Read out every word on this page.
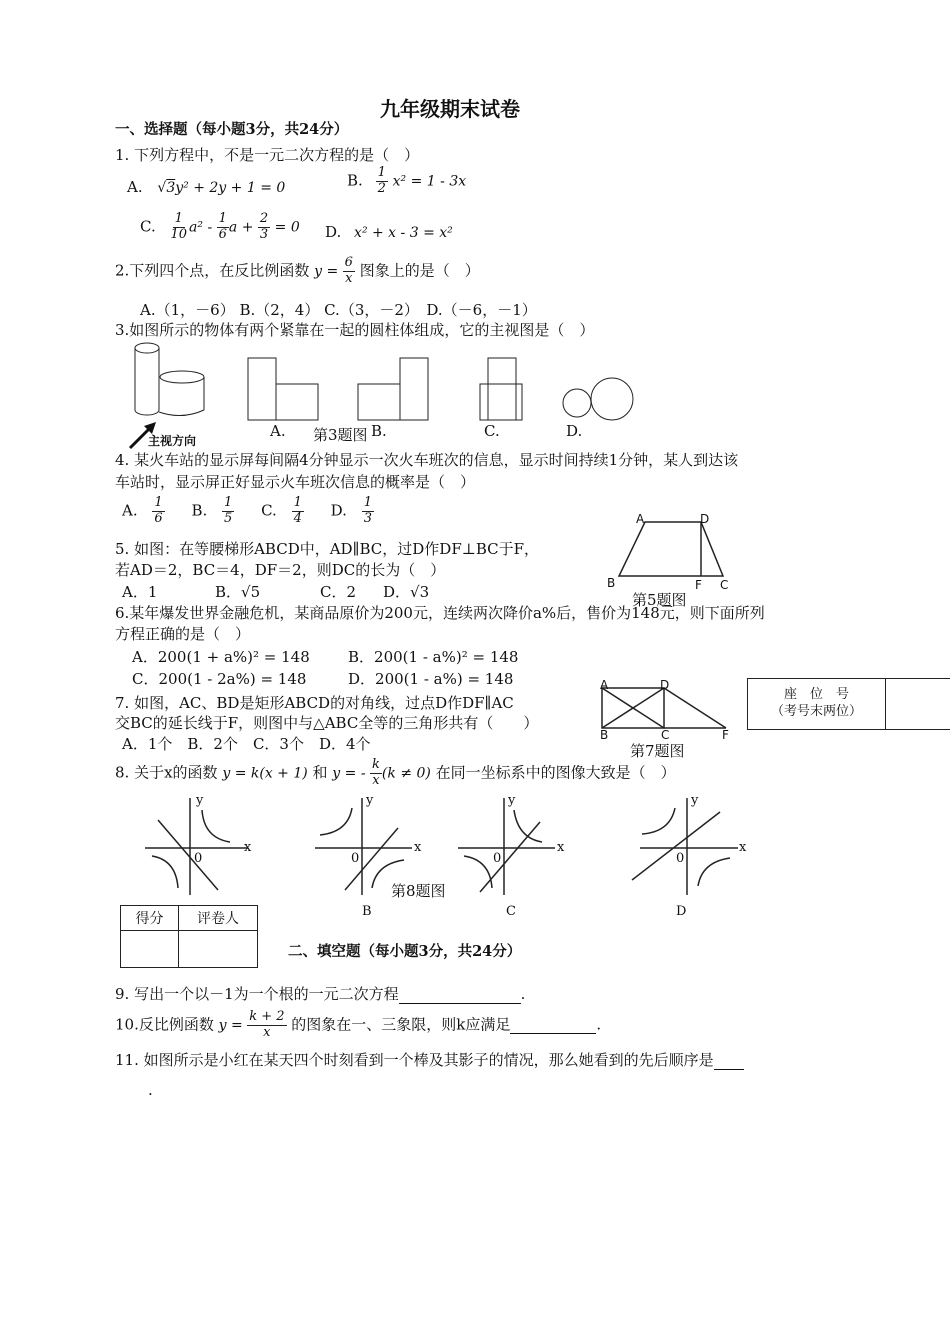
九年级期末试卷
一、选择题（每小题3分，共24分）
1. 下列方程中，不是一元二次方程的是（　）
A. √3y² + 2y + 1 = 0	B. $\frac{1}{2} x^2 = 1 - 3x$
C. $\frac{1}{10} a^2 - \frac{1}{6}$ $a + \frac{2}{3} = 0$ D. x² + x - 3 = x²
2.下列四个点，在反比例函数 $y = \frac{6}{x}$ 图象上的是（　）
A.（1，－6） B.（2，4） C.（3，－2）　D.（－6，－1）
3.如图所示的物体有两个紧靠在一起的圆柱体组成，它的主视图是（　）
主视方向
A. 第3题图 B.	C.	D.
4. 某火车站的显示屏每间隔4分钟显示一次火车班次的信息，显示时间持续1分钟，某人到达该
车站时，显示屏正好显示火车班次信息的概率是（　）
A. $\frac{1}{6} B$. $\frac{1}{5} C$. $\frac{1}{4} D$. $\frac{1}{3}$
5. 如图：在等腰梯形ABCD中，AD∥BC，过D作DF⊥BC于F，
若AD＝2，BC＝4，DF＝2，则DC的长为（　）
A．1	B．√5	C．2 D．√3
A	D
B	F C
第5题图
6.某年爆发世界金融危机，某商品原价为200元，连续两次降价a%后，售价为148元，则下面所列
方程正确的是（　）
A．200(1 + a%)² = 148	B．200(1 - a%)² = 148
C．200(1 - 2a%) = 148	D．200(1 - a%) = 148
7. 如图，AC、BD是矩形ABCD的对角线，过点D作DF∥AC
交BC的延长线于F，则图中与△ABC全等的三角形共有（　　）
A．1个　B．2个　C．3个　D．4个
A	D
B	C	F
第7题图
座　位　号
（考号末两位）
8. 关于x的函数 y = k(x + 1) 和 y = - $\frac{k}{x} (k \ne 0)$ 在同一坐标系中的图像大致是（　）
y
x
0
y
x
0
y
x
0
y
x
0
第8题图
B	C	D
得分	评卷人

二、填空题（每小题3分，共24分）
9. 写出一个以－1为一个根的一元二次方程	.
10.反比例函数 $y = \frac{k + 2}{x}$ 的图象在一、三象限，则k应满足	.
11. 如图所示是小红在某天四个时刻看到一个棒及其影子的情况，那么她看到的先后顺序是
.
